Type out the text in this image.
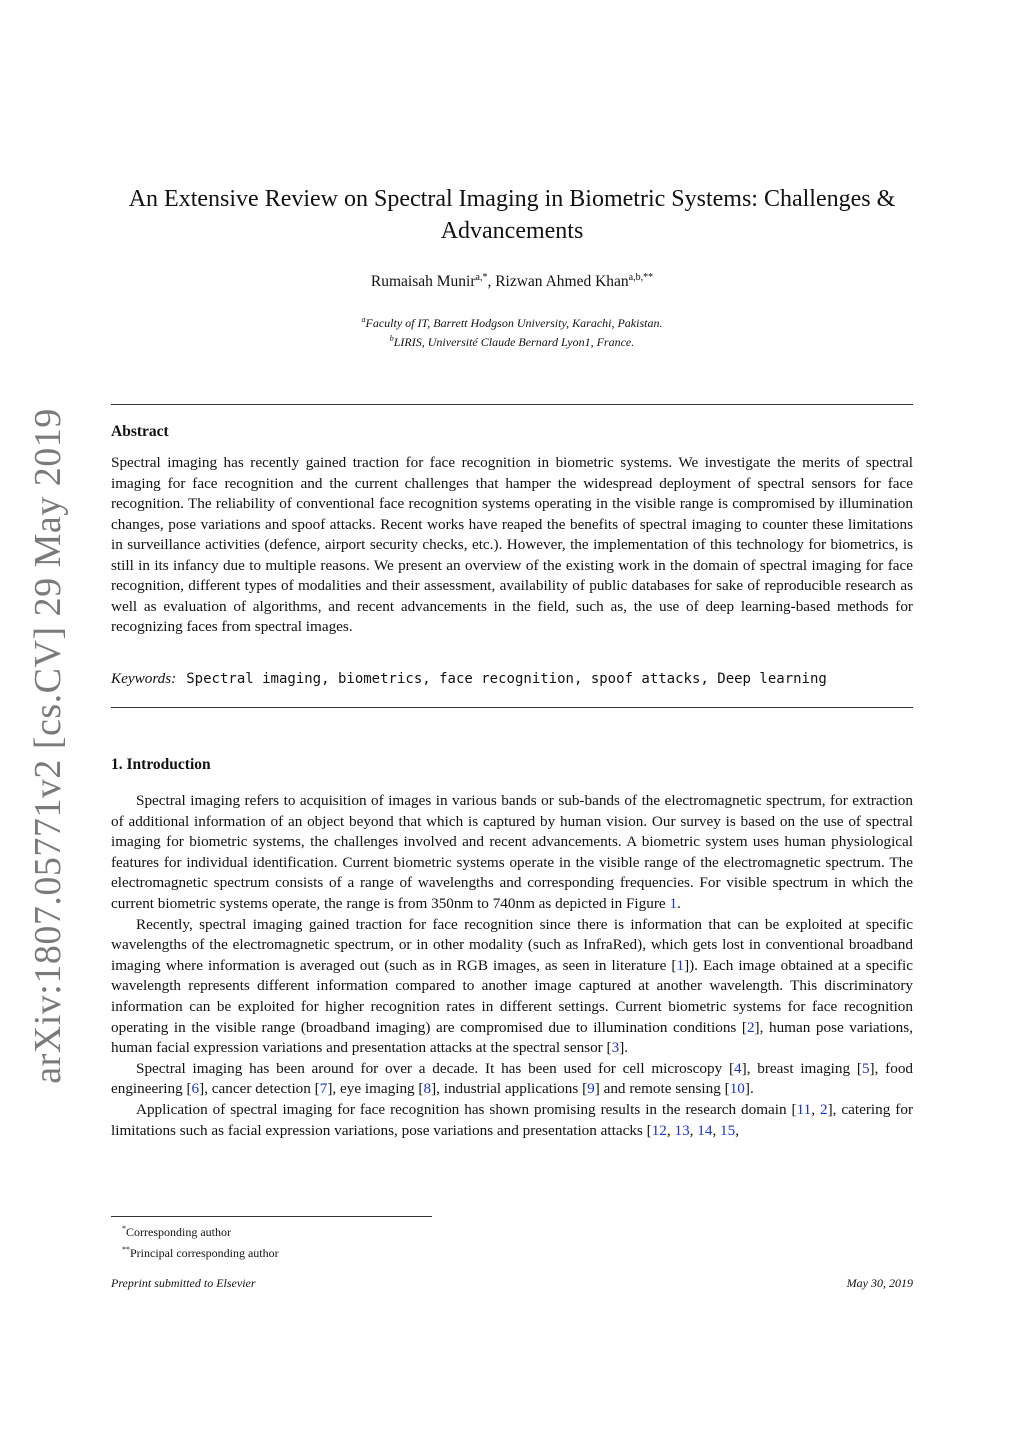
arXiv:1807.05771v2 [cs.CV] 29 May 2019
An Extensive Review on Spectral Imaging in Biometric Systems: Challenges & Advancements
Rumaisah Munir$^{a,*}$, Rizwan Ahmed Khan$^{a,b,**}$
$^a$Faculty of IT, Barrett Hodgson University, Karachi, Pakistan.
$^b$LIRIS, Université Claude Bernard Lyon1, France.
Abstract
Spectral imaging has recently gained traction for face recognition in biometric systems. We investigate the merits of spectral imaging for face recognition and the current challenges that hamper the widespread deployment of spectral sensors for face recognition. The reliability of conventional face recognition systems operating in the visible range is compromised by illumination changes, pose variations and spoof attacks. Recent works have reaped the benefits of spectral imaging to counter these limitations in surveillance activities (defence, airport security checks, etc.). However, the implementation of this technology for biometrics, is still in its infancy due to multiple reasons. We present an overview of the existing work in the domain of spectral imaging for face recognition, different types of modalities and their assessment, availability of public databases for sake of reproducible research as well as evaluation of algorithms, and recent advancements in the field, such as, the use of deep learning-based methods for recognizing faces from spectral images.
Keywords: Spectral imaging, biometrics, face recognition, spoof attacks, Deep learning
1. Introduction

Spectral imaging refers to acquisition of images in various bands or sub-bands of the electromagnetic spectrum, for extraction of additional information of an object beyond that which is captured by human vision. Our survey is based on the use of spectral imaging for biometric systems, the challenges involved and recent advancements. A biometric system uses human physiological features for individual identification. Current biometric systems operate in the visible range of the electromagnetic spectrum. The electromagnetic spectrum consists of a range of wavelengths and corresponding frequencies. For visible spectrum in which the current biometric systems operate, the range is from 350nm to 740nm as depicted in Figure 1.

Recently, spectral imaging gained traction for face recognition since there is information that can be exploited at specific wavelengths of the electromagnetic spectrum, or in other modality (such as InfraRed), which gets lost in conventional broadband imaging where information is averaged out (such as in RGB images, as seen in literature [1]). Each image obtained at a specific wavelength represents different information compared to another image captured at another wavelength. This discriminatory information can be exploited for higher recognition rates in different settings. Current biometric systems for face recognition operating in the visible range (broadband imaging) are compromised due to illumination conditions [2], human pose variations, human facial expression variations and presentation attacks at the spectral sensor [3].

Spectral imaging has been around for over a decade. It has been used for cell microscopy [4], breast imaging [5], food engineering [6], cancer detection [7], eye imaging [8], industrial applications [9] and remote sensing [10].

Application of spectral imaging for face recognition has shown promising results in the research domain [11, 2], catering for limitations such as facial expression variations, pose variations and presentation attacks [12, 13, 14, 15,

*Corresponding author
**Principal corresponding author
Preprint submitted to Elsevier	May 30, 2019
